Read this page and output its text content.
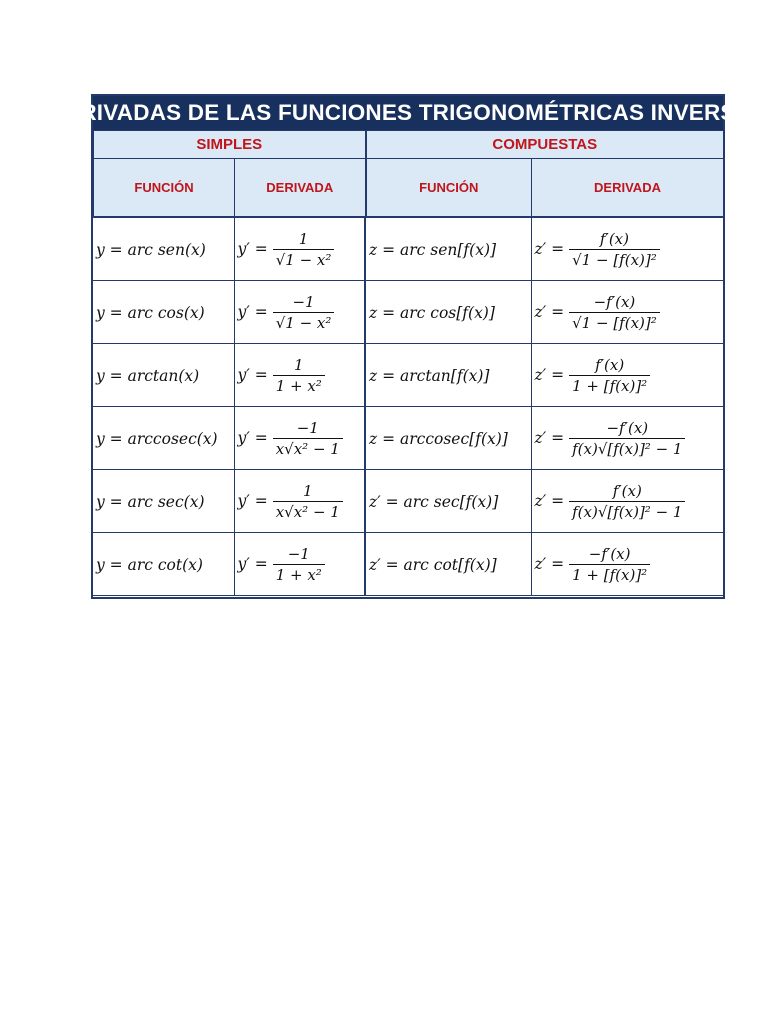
DERIVADAS DE LAS FUNCIONES TRIGONOMÉTRICAS INVERSAS
SIMPLES		COMPUESTAS	
FUNCIÓN	DERIVADA	FUNCIÓN	DERIVADA
y = arc sen(x)	$y' = \frac{1}{\text{√1 − x²}}$	z = arc sen[f(x)]	$z' = \frac{f'(x)}{\text{√1 − [f(x)]²}}$

y = arc cos(x)	$y' = \frac{-1}{\text{√1 − x²}}$	z = arc cos[f(x)]	$z' = \frac{-f'(x)}{\text{√1 − [f(x)]²}}$

y = arctan(x)	$y' = \frac{1}{\text{1 + x²}}$	z = arctan[f(x)]	$z' = \frac{f'(x)}{\text{1 + [f(x)]²}}$

y = arccosec(x)	$y' = \frac{-1}{\text{x√x² − 1}}$	z = arccosec[f(x)]	$z' = \frac{-f'(x)}{\text{f(x)√[f(x)]² − 1}}$

y = arc sec(x)	$y' = \frac{1}{\text{x√x² − 1}}$	z′ = arc sec[f(x)]	$z' = \frac{f'(x)}{\text{f(x)√[f(x)]² − 1}}$

y = arc cot(x)	$y' = \frac{-1}{\text{1 + x²}}$	z′ = arc cot[f(x)]	$z' = \frac{-f'(x)}{\text{1 + [f(x)]²}}$
